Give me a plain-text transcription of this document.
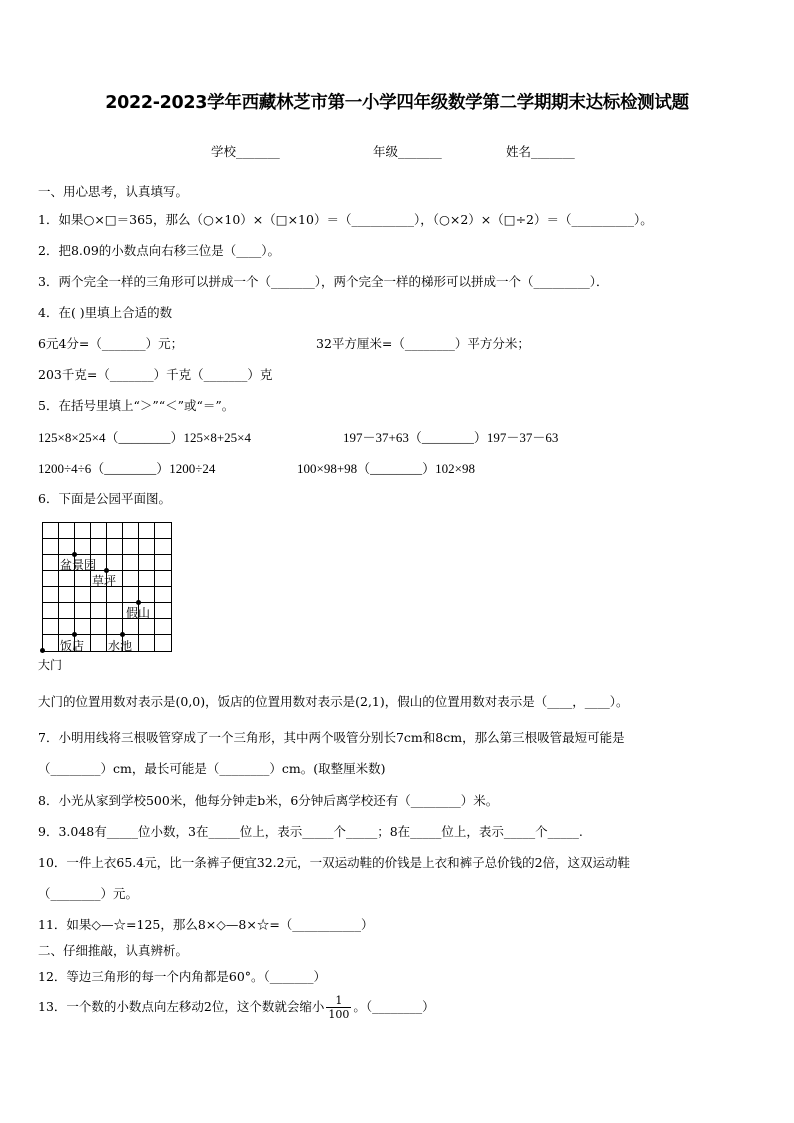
2022-2023学年西藏林芝市第一小学四年级数学第二学期期末达标检测试题
学校_______	年级_______	姓名_______
一、用心思考，认真填写。
1．如果○×□＝365，那么（○×10）×（□×10）＝（__________），（○×2）×（□÷2）＝（__________）。
2．把8.09的小数点向右移三位是（____）。
3．两个完全一样的三角形可以拼成一个（_______），两个完全一样的梯形可以拼成一个（_________）．
4．在( )里填上合适的数
6元4分=（_______）元；	32平方厘米=（________）平方分米；
203千克=（_______）千克（_______）克
5．在括号里填上“＞”“＜”或“＝”。
125×8×25×4（________）125×8+25×4	197－37+63（________）197－37－63
1200÷4÷6（________）1200÷24	100×98+98（________）102×98
6．下面是公园平面图。
盆景园
草坪
假山
饭店 水池
大门
大门的位置用数对表示是(0,0)，饭店的位置用数对表示是(2,1)，假山的位置用数对表示是（____，____）。
7．小明用线将三根吸管穿成了一个三角形，其中两个吸管分别长7cm和8cm，那么第三根吸管最短可能是
（________）cm，最长可能是（________）cm。(取整厘米数)
8．小光从家到学校500米，他每分钟走b米，6分钟后离学校还有（________）米。
9．3.048有_____位小数，3在_____位上，表示_____个_____；8在_____位上，表示_____个_____.
10．一件上衣65.4元，比一条裤子便宜32.2元，一双运动鞋的价钱是上衣和裤子总价钱的2倍，这双运动鞋
（________）元。
11．如果◇—☆=125，那么8×◇—8×☆=（___________）
二、仔细推敲，认真辨析。
12．等边三角形的每一个内角都是60°。（_______）
13．一个数的小数点向左移动2位，这个数就会缩小 $\frac{1}{100}$ 。（________）
